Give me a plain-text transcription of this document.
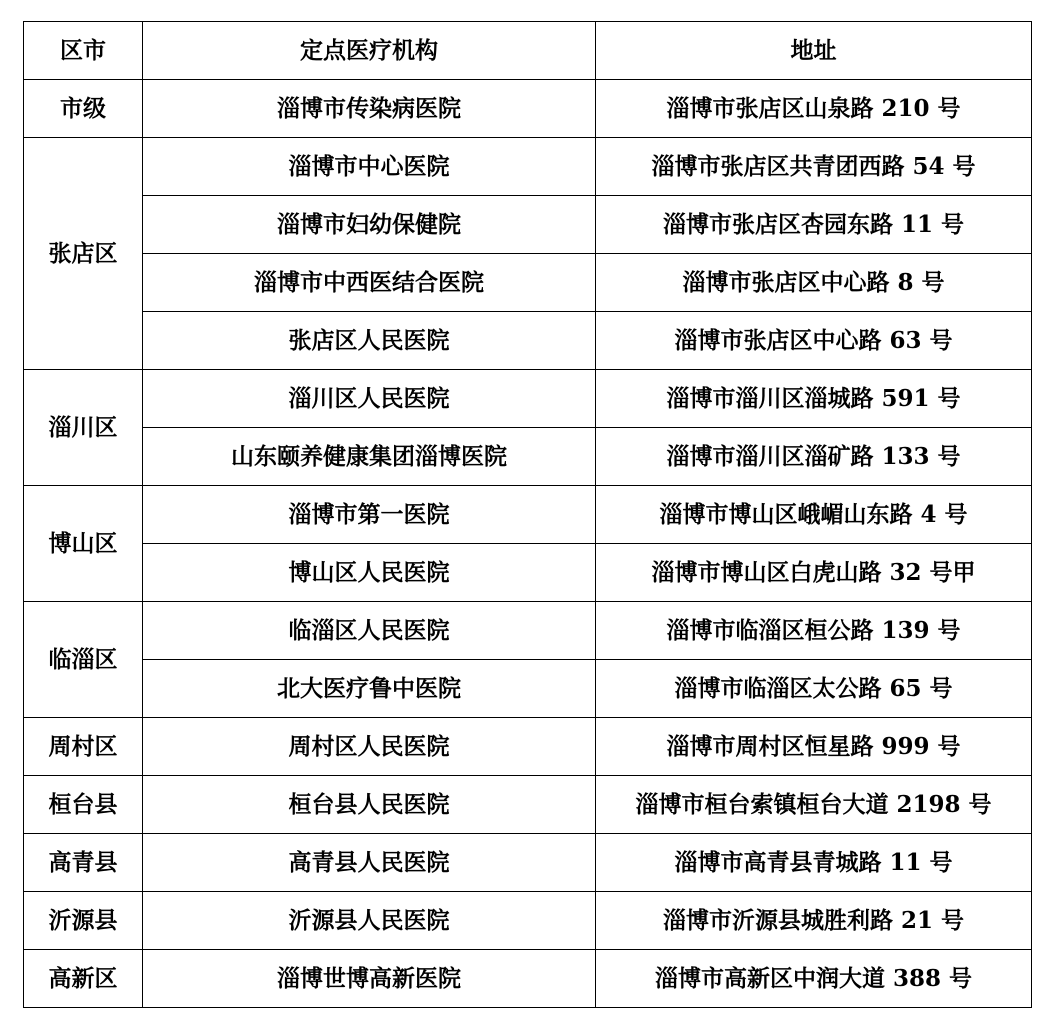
区市	定点医疗机构	地址
市级	淄博市传染病医院	淄博市张店区山泉路 210 号
张店区	淄博市中心医院	淄博市张店区共青团西路 54 号
	淄博市妇幼保健院	淄博市张店区杏园东路 11 号
	淄博市中西医结合医院	淄博市张店区中心路 8 号
	张店区人民医院	淄博市张店区中心路 63 号
淄川区	淄川区人民医院	淄博市淄川区淄城路 591 号
	山东颐养健康集团淄博医院	淄博市淄川区淄矿路 133 号
博山区	淄博市第一医院	淄博市博山区峨嵋山东路 4 号
	博山区人民医院	淄博市博山区白虎山路 32 号甲
临淄区	临淄区人民医院	淄博市临淄区桓公路 139 号
	北大医疗鲁中医院	淄博市临淄区太公路 65 号
周村区	周村区人民医院	淄博市周村区恒星路 999 号
桓台县	桓台县人民医院	淄博市桓台索镇桓台大道 2198 号
高青县	高青县人民医院	淄博市高青县青城路 11 号
沂源县	沂源县人民医院	淄博市沂源县城胜利路 21 号
高新区	淄博世博高新医院	淄博市高新区中润大道 388 号
